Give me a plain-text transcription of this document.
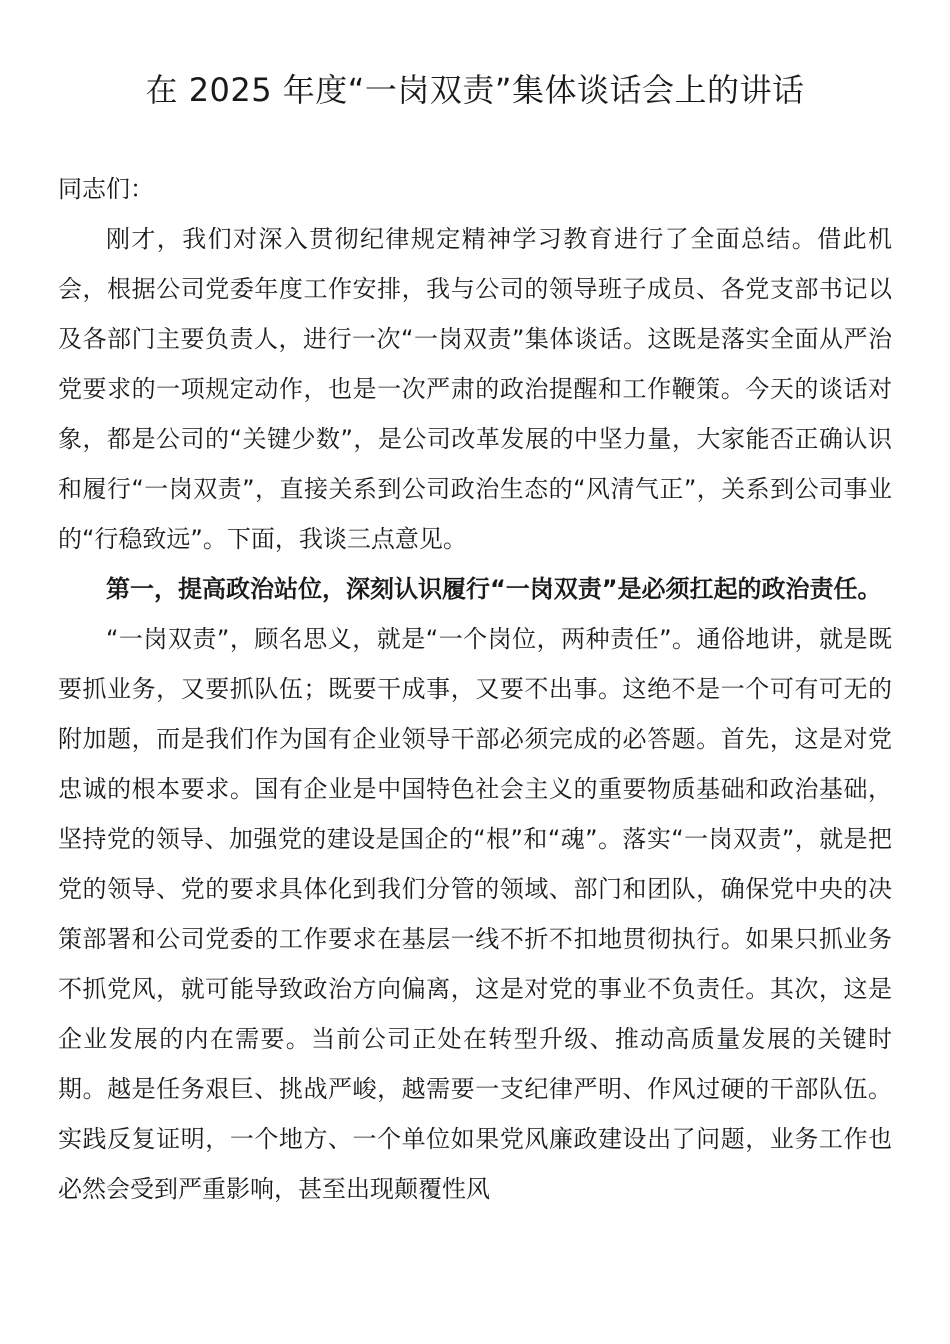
在 2025 年度“一岗双责”集体谈话会上的讲话

同志们：

刚才，我们对深入贯彻纪律规定精神学习教育进行了全面总结。借此机会，根据公司党委年度工作安排，我与公司的领导班子成员、各党支部书记以及各部门主要负责人，进行一次“一岗双责”集体谈话。这既是落实全面从严治党要求的一项规定动作，也是一次严肃的政治提醒和工作鞭策。今天的谈话对象，都是公司的“关键少数”，是公司改革发展的中坚力量，大家能否正确认识和履行“一岗双责”，直接关系到公司政治生态的“风清气正”，关系到公司事业的“行稳致远”。下面，我谈三点意见。

第一，提高政治站位，深刻认识履行“一岗双责”是必须扛起的政治责任。

“一岗双责”，顾名思义，就是“一个岗位，两种责任”。通俗地讲，就是既要抓业务，又要抓队伍；既要干成事，又要不出事。这绝不是一个可有可无的附加题，而是我们作为国有企业领导干部必须完成的必答题。首先，这是对党忠诚的根本要求。国有企业是中国特色社会主义的重要物质基础和政治基础，坚持党的领导、加强党的建设是国企的“根”和“魂”。落实“一岗双责”，就是把党的领导、党的要求具体化到我们分管的领域、部门和团队，确保党中央的决策部署和公司党委的工作要求在基层一线不折不扣地贯彻执行。如果只抓业务不抓党风，就可能导致政治方向偏离，这是对党的事业不负责任。其次，这是企业发展的内在需要。当前公司正处在转型升级、推动高质量发展的关键时期。越是任务艰巨、挑战严峻，越需要一支纪律严明、作风过硬的干部队伍。实践反复证明，一个地方、一个单位如果党风廉政建设出了问题，业务工作也必然会受到严重影响，甚至出现颠覆性风
